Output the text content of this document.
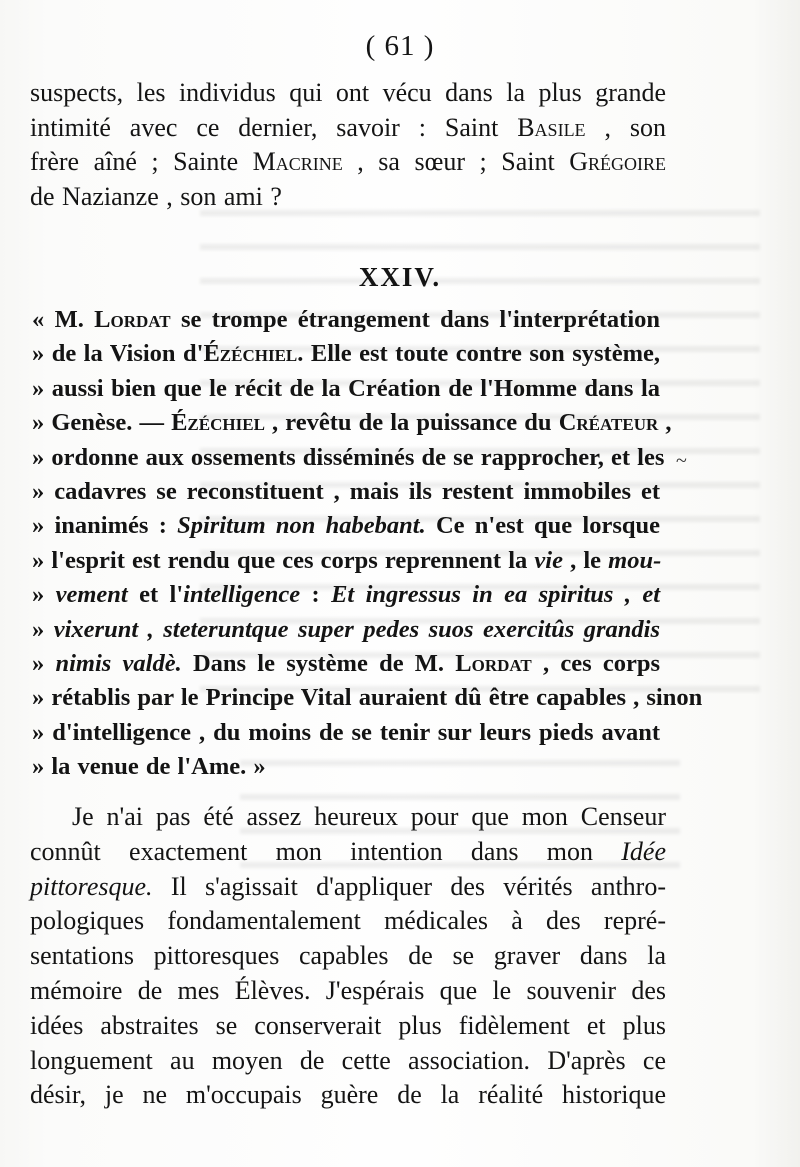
( 61 )
suspects, les individus qui ont vécu dans la plus grande
intimité avec ce dernier, savoir : Saint Basile , son
frère aîné ; Sainte Macrine , sa sœur ; Saint Grégoire
de Nazianze , son ami ?
XXIV.
« M. Lordat se trompe étrangement dans l'interprétation
» de la Vision d'Ézéchiel. Elle est toute contre son système,
» aussi bien que le récit de la Création de l'Homme dans la
» Genèse. — Ézéchiel , revêtu de la puissance du Créateur ,
» ordonne aux ossements disséminés de se rapprocher, et les
» cadavres se reconstituent , mais ils restent immobiles et
» inanimés : Spiritum non habebant. Ce n'est que lorsque
» l'esprit est rendu que ces corps reprennent la vie , le mou-
» vement et l'intelligence : Et ingressus in ea spiritus , et
» vixerunt , steteruntque super pedes suos exercitûs grandis
» nimis valdè. Dans le système de M. Lordat , ces corps
» rétablis par le Principe Vital auraient dû être capables , sinon
» d'intelligence , du moins de se tenir sur leurs pieds avant
» la venue de l'Ame. »
~
Je n'ai pas été assez heureux pour que mon Censeur
connût exactement mon intention dans mon Idée
pittoresque. Il s'agissait d'appliquer des vérités anthro-
pologiques fondamentalement médicales à des repré-
sentations pittoresques capables de se graver dans la
mémoire de mes Élèves. J'espérais que le souvenir des
idées abstraites se conserverait plus fidèlement et plus
longuement au moyen de cette association. D'après ce
désir, je ne m'occupais guère de la réalité historique
